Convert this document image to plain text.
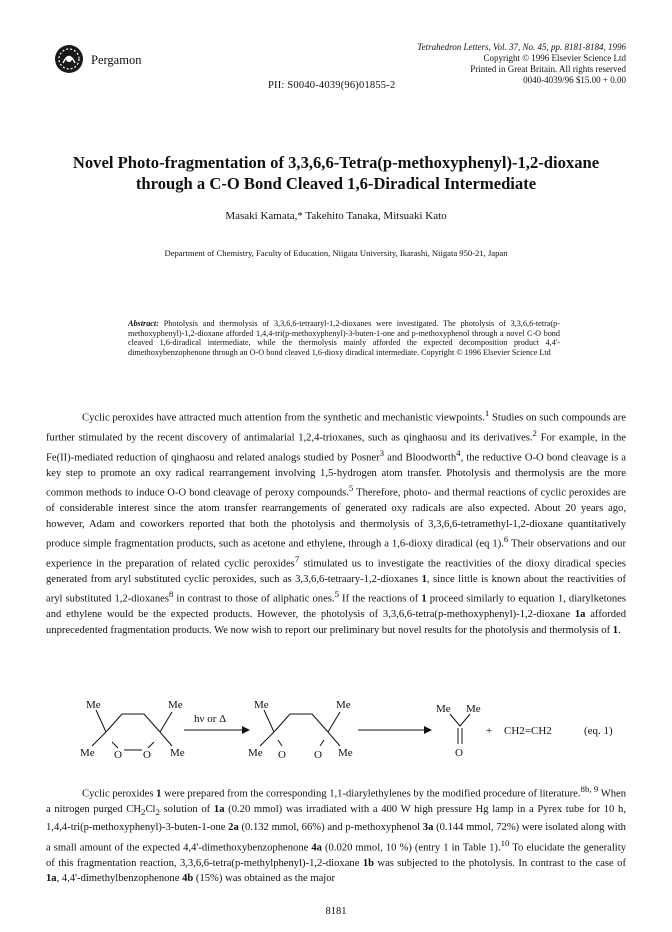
Pergamon
Tetrahedron Letters, Vol. 37, No. 45, pp. 8181-8184, 1996
Copyright © 1996 Elsevier Science Ltd
Printed in Great Britain. All rights reserved
0040-4039/96 $15.00 + 0.00
PII: S0040-4039(96)01855-2
Novel Photo-fragmentation of 3,3,6,6-Tetra(p-methoxyphenyl)-1,2-dioxane through a C-O Bond Cleaved 1,6-Diradical Intermediate
Masaki Kamata,* Takehito Tanaka, Mitsuaki Kato
Department of Chemistry, Faculty of Education, Niigata University, Ikarashi, Niigata 950-21, Japan
Abstract: Photolysis and thermolysis of 3,3,6,6-tetraaryl-1,2-dioxanes were investigated. The photolysis of 3,3,6,6-tetra(p-methoxyphenyl)-1,2-dioxane afforded 1,4,4-tri(p-methoxyphenyl)-3-buten-1-one and p-methoxyphenol through a novel C-O bond cleaved 1,6-diradical intermediate, while the thermolysis mainly afforded the expected decomposition product 4,4'-dimethoxybenzophenone through an O-O bond cleaved 1,6-dioxy diradical intermediate. Copyright © 1996 Elsevier Science Ltd

Cyclic peroxides have attracted much attention from the synthetic and mechanistic viewpoints.$^1$ Studies on such compounds are further stimulated by the recent discovery of antimalarial 1,2,4-trioxanes, such as qinghaosu and its derivatives.$^2$ For example, in the Fe(II)-mediated reduction of qinghaosu and related analogs studied by Posner$^3$ and Bloodworth$^4$, the reductive O-O bond cleavage is a key step to promote an oxy radical rearrangement involving 1,5-hydrogen atom transfer. Photolysis and thermolysis are the more common methods to induce O-O bond cleavage of peroxy compounds.$^5$ Therefore, photo- and thermal reactions of cyclic peroxides are of considerable interest since the atom transfer rearrangements of generated oxy radicals are also expected. About 20 years ago, however, Adam and coworkers reported that both the photolysis and thermolysis of 3,3,6,6-tetramethyl-1,2-dioxane quantitatively produce simple fragmentation products, such as acetone and ethylene, through a 1,6-dioxy diradical (eq 1).$^6$ Their observations and our experience in the preparation of related cyclic peroxides$^7$ stimulated us to investigate the reactivities of the dioxy diradical species generated from aryl substituted cyclic peroxides, such as 3,3,6,6-tetraary-1,2-dioxanes 1, since little is known about the reactivities of aryl substituted 1,2-dioxanes$^8$ in contrast to those of aliphatic ones.$^5$ If the reactions of 1 proceed similarly to equation 1, diarylketones and ethylene would be the expected products. However, the photolysis of 3,3,6,6-tetra(p-methoxyphenyl)-1,2-dioxane 1a afforded unprecedented fragmentation products. We now wish to report our preliminary but novel results for the photolysis and thermolysis of 1.

Me
Me
Me
Me
O O
hν or Δ
Me
Me
Me
Me
O	O
Me Me
O
+ CH2=CH2	(eq. 1)

Cyclic peroxides 1 were prepared from the corresponding 1,1-diarylethylenes by the modified procedure of literature.$^{8b, 9}$ When a nitrogen purged $CH_2Cl_2$ solution of 1a (0.20 mmol) was irradiated with a 400 W high pressure Hg lamp in a Pyrex tube for 10 h, 1,4,4-tri(p-methoxyphenyl)-3-buten-1-one 2a (0.132 mmol, 66%) and p-methoxyphenol 3a (0.144 mmol, 72%) were isolated along with a small amount of the expected 4,4'-dimethoxybenzophenone 4a (0.020 mmol, 10 %) (entry 1 in Table 1).$^{10}$ To elucidate the generality of this fragmentation reaction, 3,3,6,6-tetra(p-methylphenyl)-1,2-dioxane 1b was subjected to the photolysis. In contrast to the case of 1a, 4,4'-dimethylbenzophenone 4b (15%) was obtained as the major

8181
